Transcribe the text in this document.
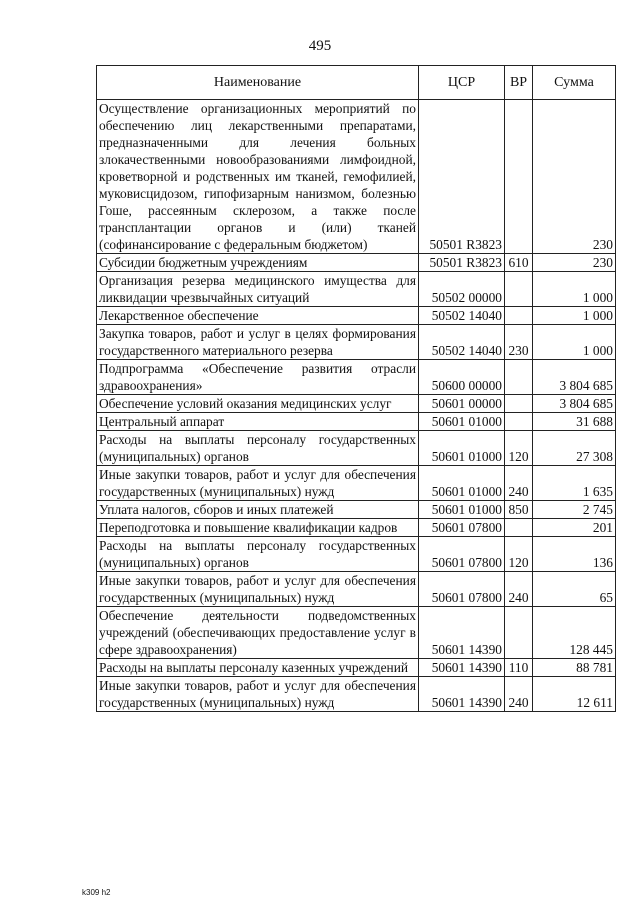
495
Наименование	ЦСР	ВР	Сумма
Осуществление организационных мероприятий по обеспечению лиц лекарственными препаратами, предназначенными для лечения больных злокачественными новообразованиями лимфоидной, кроветворной и родственных им тканей, гемофилией, муковисцидозом, гипофизарным нанизмом, болезнью Гоше, рассеянным склерозом, а также после трансплантации органов и (или) тканей (софинансирование с федеральным бюджетом)	50501 R3823		230
Субсидии бюджетным учреждениям	50501 R3823	610	230
Организация резерва медицинского имущества для ликвидации чрезвычайных ситуаций	50502 00000		1 000
Лекарственное обеспечение	50502 14040		1 000
Закупка товаров, работ и услуг в целях формирования государственного материального резерва	50502 14040	230	1 000
Подпрограмма «Обеспечение развития отрасли здравоохранения»	50600 00000		3 804 685
Обеспечение условий оказания медицинских услуг	50601 00000		3 804 685
Центральный аппарат	50601 01000		31 688
Расходы на выплаты персоналу государственных (муниципальных) органов	50601 01000	120	27 308
Иные закупки товаров, работ и услуг для обеспечения государственных (муниципальных) нужд	50601 01000	240	1 635
Уплата налогов, сборов и иных платежей	50601 01000	850	2 745
Переподготовка и повышение квалификации кадров	50601 07800		201
Расходы на выплаты персоналу государственных (муниципальных) органов	50601 07800	120	136
Иные закупки товаров, работ и услуг для обеспечения государственных (муниципальных) нужд	50601 07800	240	65
Обеспечение деятельности подведомственных учреждений (обеспечивающих предоставление услуг в сфере здравоохранения)	50601 14390		128 445
Расходы на выплаты персоналу казенных учреждений	50601 14390	110	88 781
Иные закупки товаров, работ и услуг для обеспечения государственных (муниципальных) нужд	50601 14390	240	12 611
k309 h2
